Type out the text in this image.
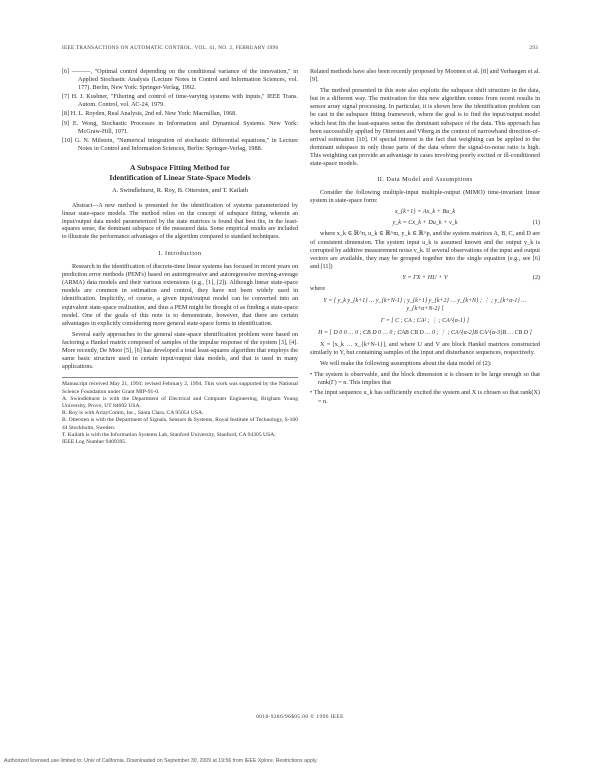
IEEE TRANSACTIONS ON AUTOMATIC CONTROL, VOL. 41, NO. 2, FEBRUARY 1996	293
[6] ———, "Optimal control depending on the conditional variance of the innovation," in Applied Stochastic Analysis (Lecture Notes in Control and Information Sciences, vol. 177). Berlin, New York: Springer-Verlag, 1992.
[7] H. J. Kushner, "Filtering and control of time-varying systems with inputs," IEEE Trans. Autom. Control, vol. AC-24, 1979.
[8] H. L. Royden, Real Analysis, 2nd ed. New York: Macmillan, 1968.
[9] E. Wong, Stochastic Processes in Information and Dynamical Systems. New York: McGraw-Hill, 1971.
[10] G. N. Milstein, "Numerical integration of stochastic differential equations," in Lecture Notes in Control and Information Sciences, Berlin: Springer-Verlag, 1988.
A Subspace Fitting Method for
Identification of Linear State-Space Models
A. Swindlehurst, R. Roy, B. Ottersten, and T. Kailath

Abstract—A new method is presented for the identification of systems parameterized by linear state-space models. The method relies on the concept of subspace fitting, wherein an input/output data model parameterized by the state matrices is found that best fits, in the least-squares sense, the dominant subspace of the measured data. Some empirical results are included to illustrate the performance advantages of the algorithm compared to standard techniques.

I. Introduction

Research in the identification of discrete-time linear systems has focused in recent years on prediction error methods (PEM's) based on autoregressive and autoregressive moving-average (ARMA) data models and their various extensions (e.g., [1], [2]). Although linear state-space models are common in estimation and control, they have not been widely used in identification. Implicitly, of course, a given input/output model can be converted into an equivalent state-space realization, and thus a PEM might be thought of as finding a state-space model. One of the goals of this note is to demonstrate, however, that there are certain advantages in explicitly considering more general state-space forms in identification.

Several early approaches to the general state-space identification problem were based on factoring a Hankel matrix composed of samples of the impulse response of the system [3], [4]. More recently, De Moor [5], [6] has developed a total least-squares algorithm that employs the same basic structure used in certain input/output data models, and that is used in many applications.

Manuscript received May 21, 1993; revised February 2, 1994. This work was supported by the National Science Foundation under Grant MIP-91-0.
A. Swindlehurst is with the Department of Electrical and Computer Engineering, Brigham Young University, Provo, UT 84602 USA.
R. Roy is with ArrayComm, Inc., Santa Clara, CA 95054 USA.
B. Ottersten is with the Department of Signals, Sensors & Systems, Royal Institute of Technology, S-100 44 Stockholm, Sweden.
T. Kailath is with the Information Systems Lab, Stanford University, Stanford, CA 94305 USA.
IEEE Log Number 9409395.

Related methods have also been recently proposed by Moonen et al. [8] and Verhaegen et al. [9].

The method presented in this note also exploits the subspace shift structure in the data, but in a different way. The motivation for this new algorithm comes from recent results in sensor array signal processing. In particular, it is shown how the identification problem can be cast in the subspace fitting framework, where the goal is to find the input/output model which best fits the least-squares sense the dominant subspace of the data. This approach has been successfully applied by Ottersten and Viberg in the context of narrowband direction-of-arrival estimation [10]. Of special interest is the fact that weighting can be applied to the dominant subspace in only those parts of the data where the signal-to-noise ratio is high. This weighting can provide an advantage in cases involving poorly excited or ill-conditioned state-space models.

II. Data Model and Assumptions

Consider the following multiple-input multiple-output (MIMO) time-invariant linear system in state-space form:

x_{k+1} = Ax_k + Bu_k
y_k = Cx_k + Du_k + v_k	(1)

where x_k ∈ ℝ^n, u_k ∈ ℝ^m, y_k ∈ ℝ^p, and the system matrices A, B, C, and D are of consistent dimension. The system input u_k is assumed known and the output y_k is corrupted by additive measurement noise v_k. If several observations of the input and output vectors are available, they may be grouped together into the single equation (e.g., see [6] and [11])

Y = ΓX + HU + V	(2)
where
Y = [ y_k y_{k+1} … y_{k+N-1} ; y_{k+1} y_{k+2} … y_{k+N} ; ⋮ ; y_{k+α-1} … y_{k+α+N-2} ]
Γ = [ C ; CA ; CA² ; ⋮ ; CA^{α-1} ]
H = [ D 0 0 … 0 ; CB D 0 … 0 ; CAB CB D … 0 ; ⋮ ; CA^{α-2}B CA^{α-3}B … CB D ]

X = [x_k … x_{k+N-1}], and where U and V are block Hankel matrices constructed similarly to Y, but containing samples of the input and disturbance sequences, respectively.

We will make the following assumptions about the data model of (2):

• The system is observable, and the block dimension α is chosen to be large enough so that rank(Γ) = n. This implies that
• The input sequence u_k has sufficiently excited the system and X is chosen so that rank(X) = n.
0018-9286/96$05.00 © 1996 IEEE
Authorized licensed use limited to: Univ of California. Downloaded on September 30, 2009 at 19:56 from IEEE Xplore. Restrictions apply.
